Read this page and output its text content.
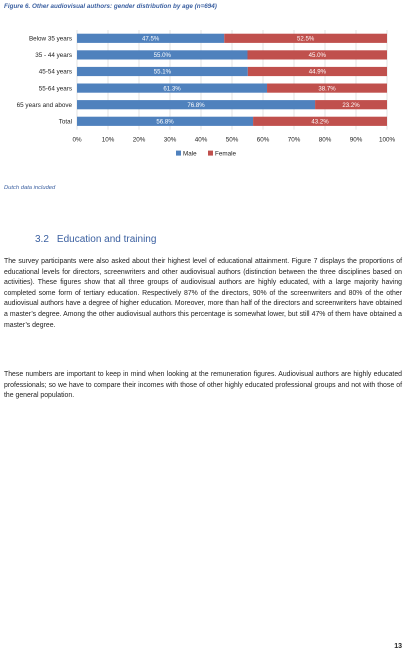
Figure 6. Other audiovisual authors: gender distribution by age (n=694)
0%	10%	20%	30%	40%	50%	60%	70%	80%	90%	100%
Below 35 years	47.5%	52.5%
35 - 44 years	55.0%	45.0%
45-54 years	55.1%	44.9%
55-64 years	61.3%	38.7%
65 years and above	76.8%	23.2%
Total	56.8%	43.2%
Male	Female
Dutch data included
3.2 Education and training

The survey participants were also asked about their highest level of educational attainment. Figure 7 displays the proportions of educational levels for directors, screenwriters and other audiovisual authors (distinction between the three disciplines based on activities). These figures show that all three groups of audiovisual authors are highly educated, with a large majority having completed some form of tertiary education. Respectively 87% of the directors, 90% of the screenwriters and 80% of the other audiovisual authors have a degree of higher education. Moreover, more than half of the directors and screenwriters have obtained a master’s degree. Among the other audiovisual authors this percentage is somewhat lower, but still 47% of them have obtained a master’s degree.

These numbers are important to keep in mind when looking at the remuneration figures. Audiovisual authors are highly educated professionals; so we have to compare their incomes with those of other highly educated professional groups and not with those of the general population.

13
